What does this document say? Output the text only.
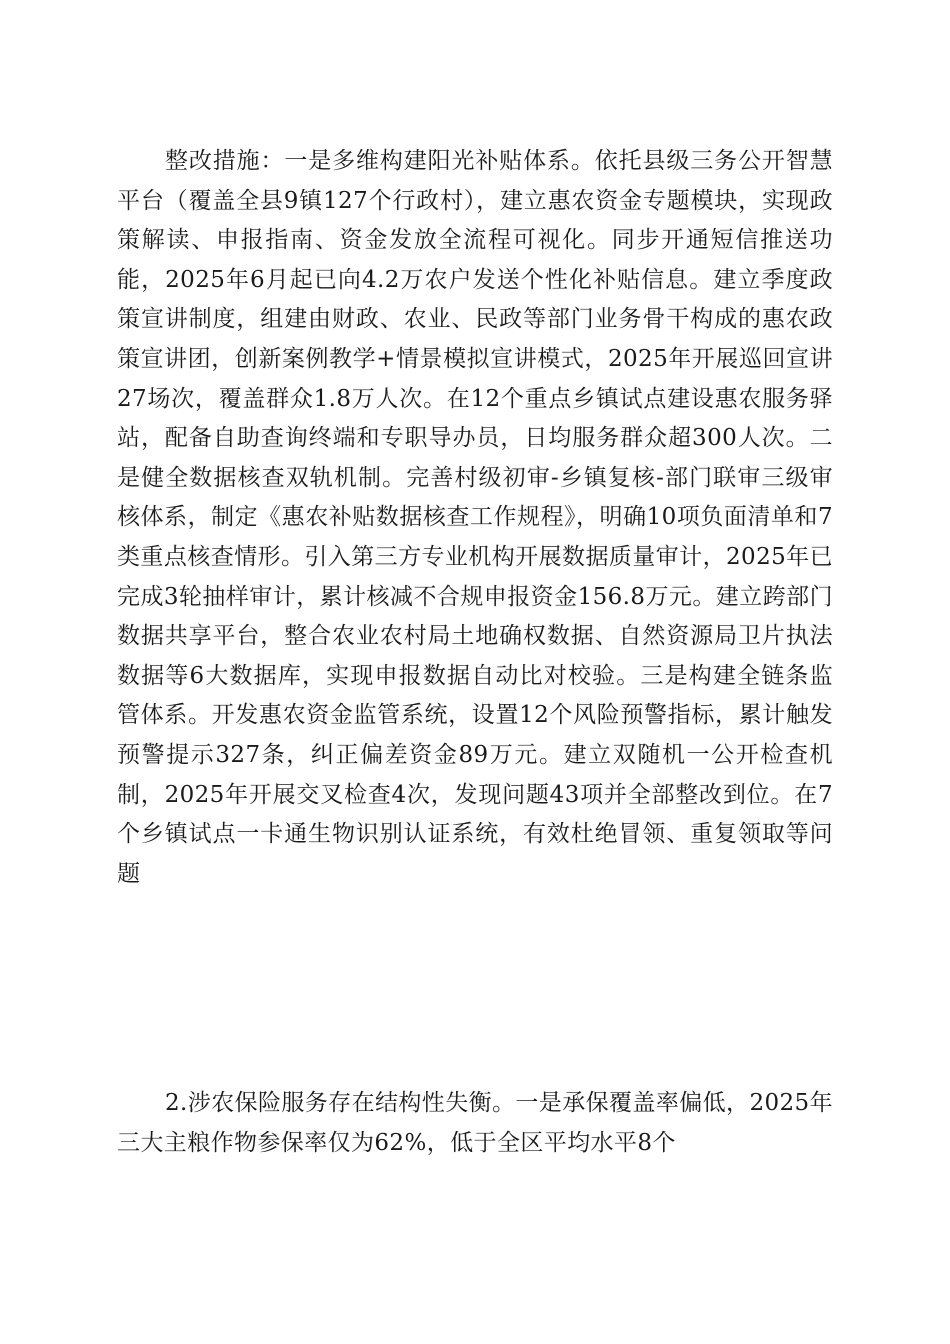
整改措施：一是多维构建阳光补贴体系。依托县级三务公开智慧平台（覆盖全县9镇127个行政村），建立惠农资金专题模块，实现政策解读、申报指南、资金发放全流程可视化。同步开通短信推送功能，2025年6月起已向4.2万农户发送个性化补贴信息。建立季度政策宣讲制度，组建由财政、农业、民政等部门业务骨干构成的惠农政策宣讲团，创新案例教学+情景模拟宣讲模式，2025年开展巡回宣讲27场次，覆盖群众1.8万人次。在12个重点乡镇试点建设惠农服务驿站，配备自助查询终端和专职导办员，日均服务群众超300人次。二是健全数据核查双轨机制。完善村级初审-乡镇复核-部门联审三级审核体系，制定《惠农补贴数据核查工作规程》，明确10项负面清单和7类重点核查情形。引入第三方专业机构开展数据质量审计，2025年已完成3轮抽样审计，累计核减不合规申报资金156.8万元。建立跨部门数据共享平台，整合农业农村局土地确权数据、自然资源局卫片执法数据等6大数据库，实现申报数据自动比对校验。三是构建全链条监管体系。开发惠农资金监管系统，设置12个风险预警指标，累计触发预警提示327条，纠正偏差资金89万元。建立双随机一公开检查机制，2025年开展交叉检查4次，发现问题43项并全部整改到位。在7个乡镇试点一卡通生物识别认证系统，有效杜绝冒领、重复领取等问题

2.涉农保险服务存在结构性失衡。一是承保覆盖率偏低，2025年三大主粮作物参保率仅为62%，低于全区平均水平8个
